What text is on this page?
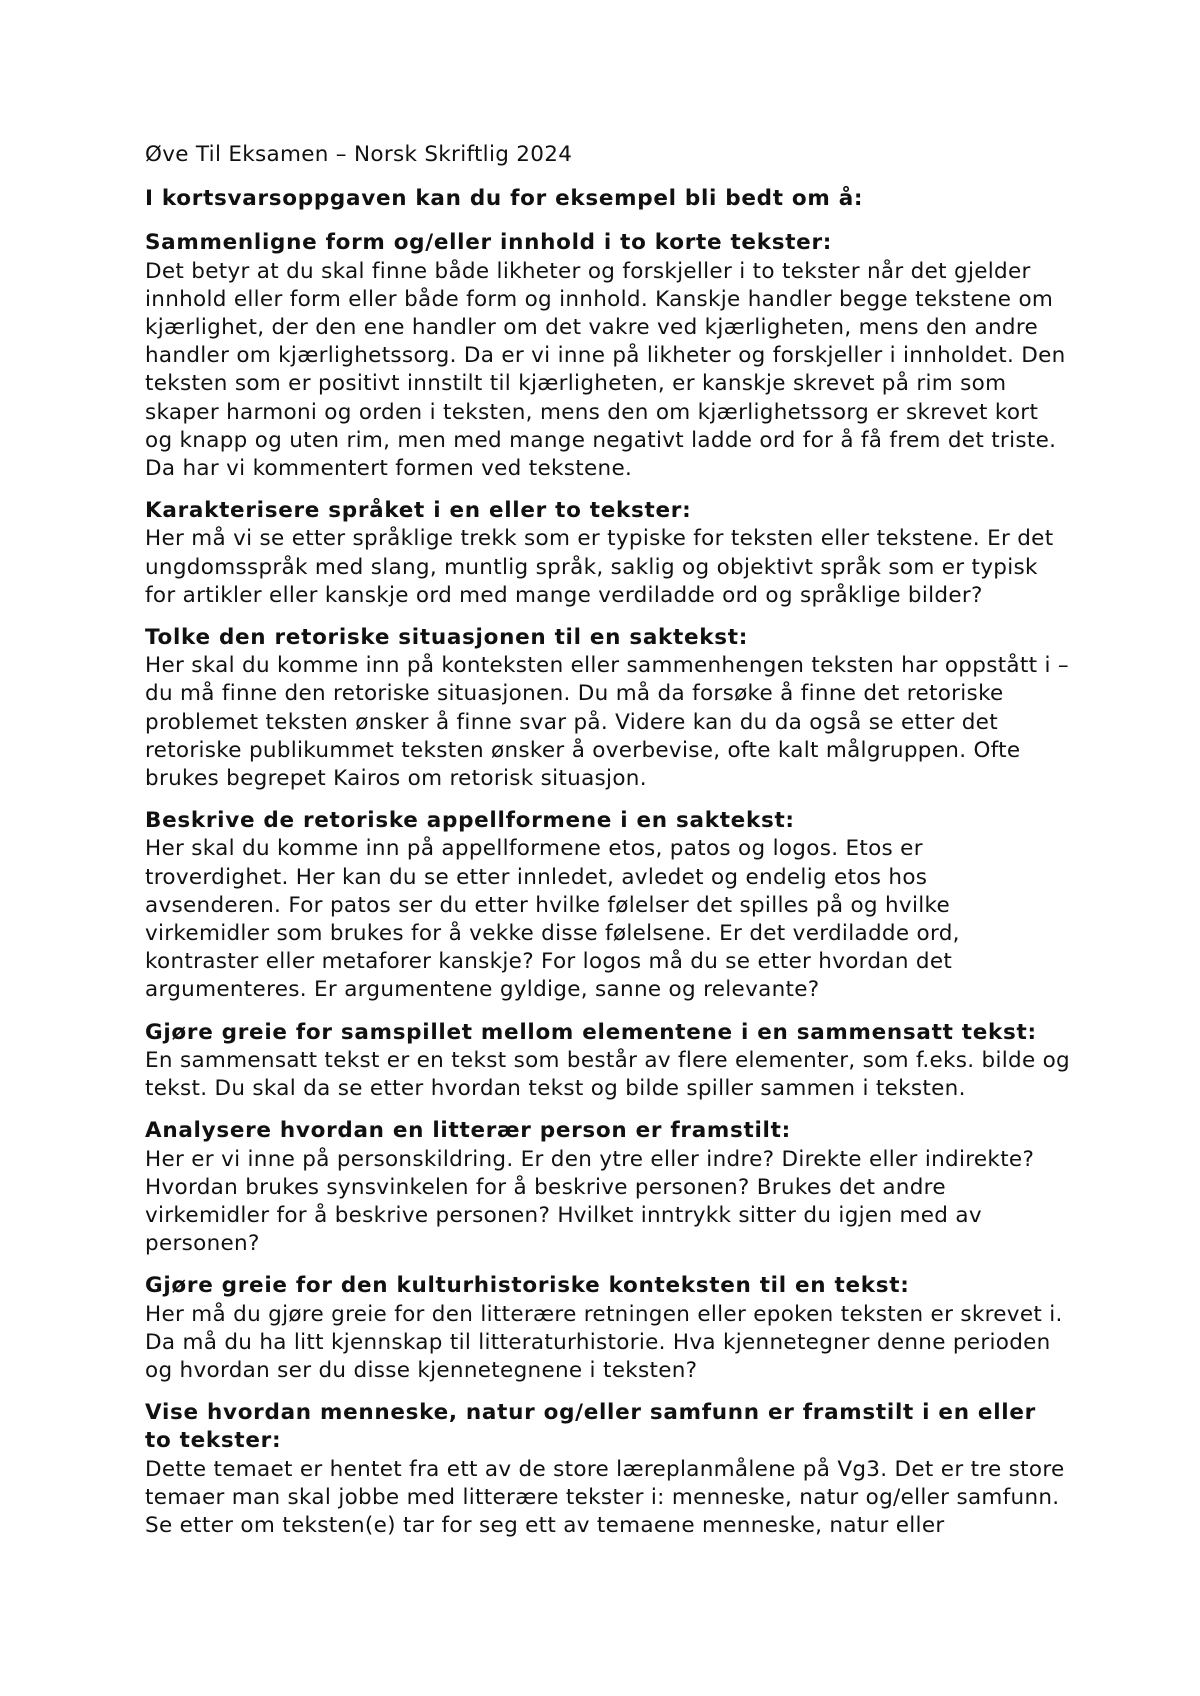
Øve Til Eksamen – Norsk Skriftlig 2024

I kortsvarsoppgaven kan du for eksempel bli bedt om å:

Sammenligne form og/eller innhold i to korte tekster:

Det betyr at du skal finne både likheter og forskjeller i to tekster når det gjelder innhold eller form eller både form og innhold. Kanskje handler begge tekstene om kjærlighet, der den ene handler om det vakre ved kjærligheten, mens den andre handler om kjærlighetssorg. Da er vi inne på likheter og forskjeller i innholdet. Den teksten som er positivt innstilt til kjærligheten, er kanskje skrevet på rim som skaper harmoni og orden i teksten, mens den om kjærlighetssorg er skrevet kort og knapp og uten rim, men med mange negativt ladde ord for å få frem det triste. Da har vi kommentert formen ved tekstene.

Karakterisere språket i en eller to tekster:

Her må vi se etter språklige trekk som er typiske for teksten eller tekstene. Er det ungdomsspråk med slang, muntlig språk, saklig og objektivt språk som er typisk for artikler eller kanskje ord med mange verdiladde ord og språklige bilder?

Tolke den retoriske situasjonen til en saktekst:

Her skal du komme inn på konteksten eller sammenhengen teksten har oppstått i – du må finne den retoriske situasjonen. Du må da forsøke å finne det retoriske problemet teksten ønsker å finne svar på. Videre kan du da også se etter det retoriske publikummet teksten ønsker å overbevise, ofte kalt målgruppen. Ofte brukes begrepet Kairos om retorisk situasjon.

Beskrive de retoriske appellformene i en saktekst:

Her skal du komme inn på appellformene etos, patos og logos. Etos er troverdighet. Her kan du se etter innledet, avledet og endelig etos hos avsenderen. For patos ser du etter hvilke følelser det spilles på og hvilke virkemidler som brukes for å vekke disse følelsene. Er det verdiladde ord, kontraster eller metaforer kanskje? For logos må du se etter hvordan det argumenteres. Er argumentene gyldige, sanne og relevante?

Gjøre greie for samspillet mellom elementene i en sammensatt tekst:

En sammensatt tekst er en tekst som består av flere elementer, som f.eks. bilde og tekst. Du skal da se etter hvordan tekst og bilde spiller sammen i teksten.

Analysere hvordan en litterær person er framstilt:

Her er vi inne på personskildring. Er den ytre eller indre? Direkte eller indirekte? Hvordan brukes synsvinkelen for å beskrive personen? Brukes det andre virkemidler for å beskrive personen? Hvilket inntrykk sitter du igjen med av personen?

Gjøre greie for den kulturhistoriske konteksten til en tekst:

Her må du gjøre greie for den litterære retningen eller epoken teksten er skrevet i. Da må du ha litt kjennskap til litteraturhistorie. Hva kjennetegner denne perioden og hvordan ser du disse kjennetegnene i teksten?

Vise hvordan menneske, natur og/eller samfunn er framstilt i en eller to tekster:

Dette temaet er hentet fra ett av de store læreplanmålene på Vg3. Det er tre store temaer man skal jobbe med litterære tekster i: menneske, natur og/eller samfunn. Se etter om teksten(e) tar for seg ett av temaene menneske, natur eller
